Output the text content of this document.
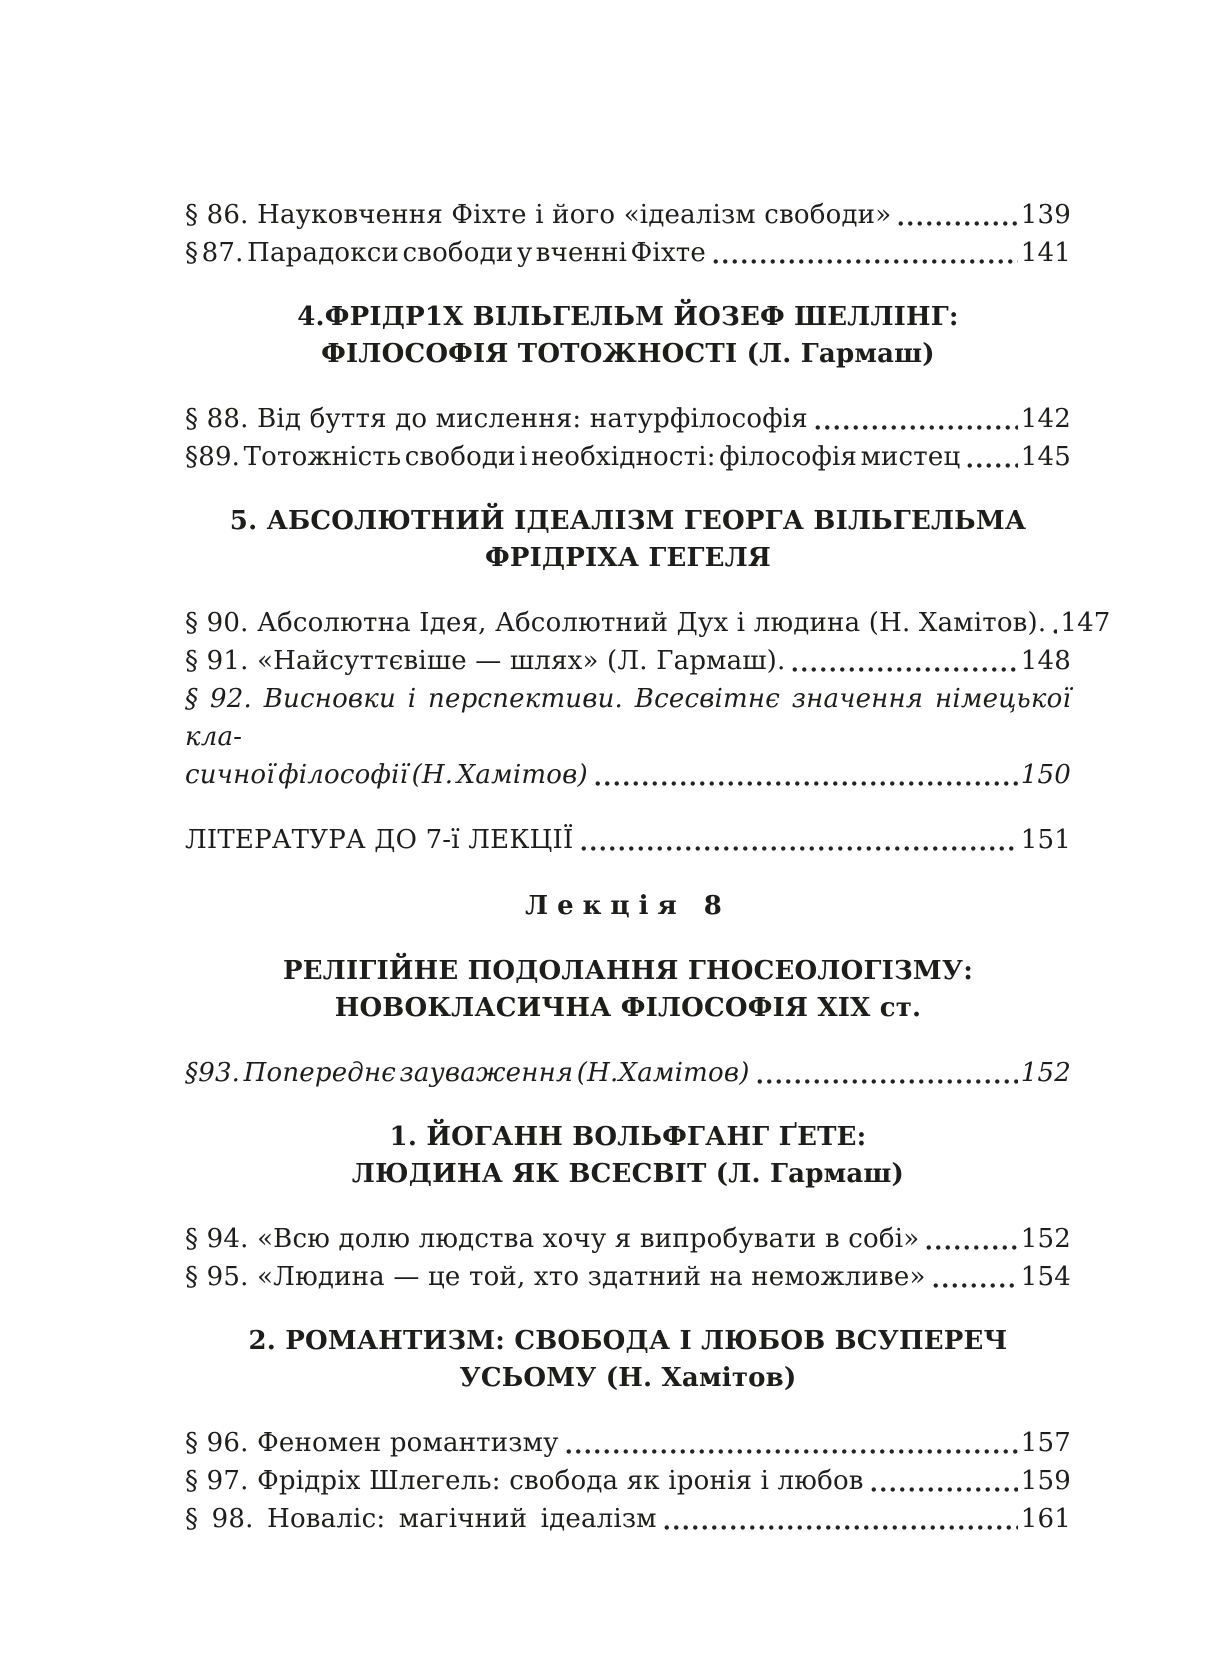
§ 86. Науковчення Фіхте і його «ідеалізм свободи»	139
§ 87. Парадокси свободи у вченні Фіхте	141
4.ФРІДР1Х ВІЛЬГЕЛЬМ ЙОЗЕФ ШЕЛЛІНГ:
ФІЛОСОФІЯ ТОТОЖНОСТІ (Л. Гармаш)
§ 88. Від буття до мислення: натурфілософія	142
§89. Тотожність свободи і необхідності: філософія мистец 145
5. АБСОЛЮТНИЙ ІДЕАЛІЗМ ГЕОРГА ВІЛЬГЕЛЬМА
ФРІДРІХА ГЕГЕЛЯ
§ 90. Абсолютна Ідея, Абсолютний Дух і людина (Н. Хамітов). 147
§ 91. «Найсуттєвіше — шлях» (Л. Гармаш).	148
§ 92. Висновки і перспективи. Всесвітнє значення німецької кла-
сичної філософії (Н. Хамітов)	150
ЛІТЕРАТУРА ДО 7-ї ЛЕКЦІЇ	151
Лекція 8
РЕЛІГІЙНЕ ПОДОЛАННЯ ГНОСЕОЛОГІЗМУ:
НОВОКЛАСИЧНА ФІЛОСОФІЯ XIX ст.
§93. Попереднє зауваження (Н.Хамітов)	152
1. ЙОГАНН ВОЛЬФГАНГ ҐЕТЕ:
ЛЮДИНА ЯК ВСЕСВІТ (Л. Гармаш)
§ 94. «Всю долю людства хочу я випробувати в собі»	152
§ 95. «Людина — це той, хто здатний на неможливе»	154
2. РОМАНТИЗМ: СВОБОДА І ЛЮБОВ ВСУПЕРЕЧ
УСЬОМУ (Н. Хамітов)
§ 96. Феномен романтизму	157
§ 97. Фрідріх Шлегель: свобода як іронія і любов	159
§ 98. Новаліс: магічний ідеалізм	161
